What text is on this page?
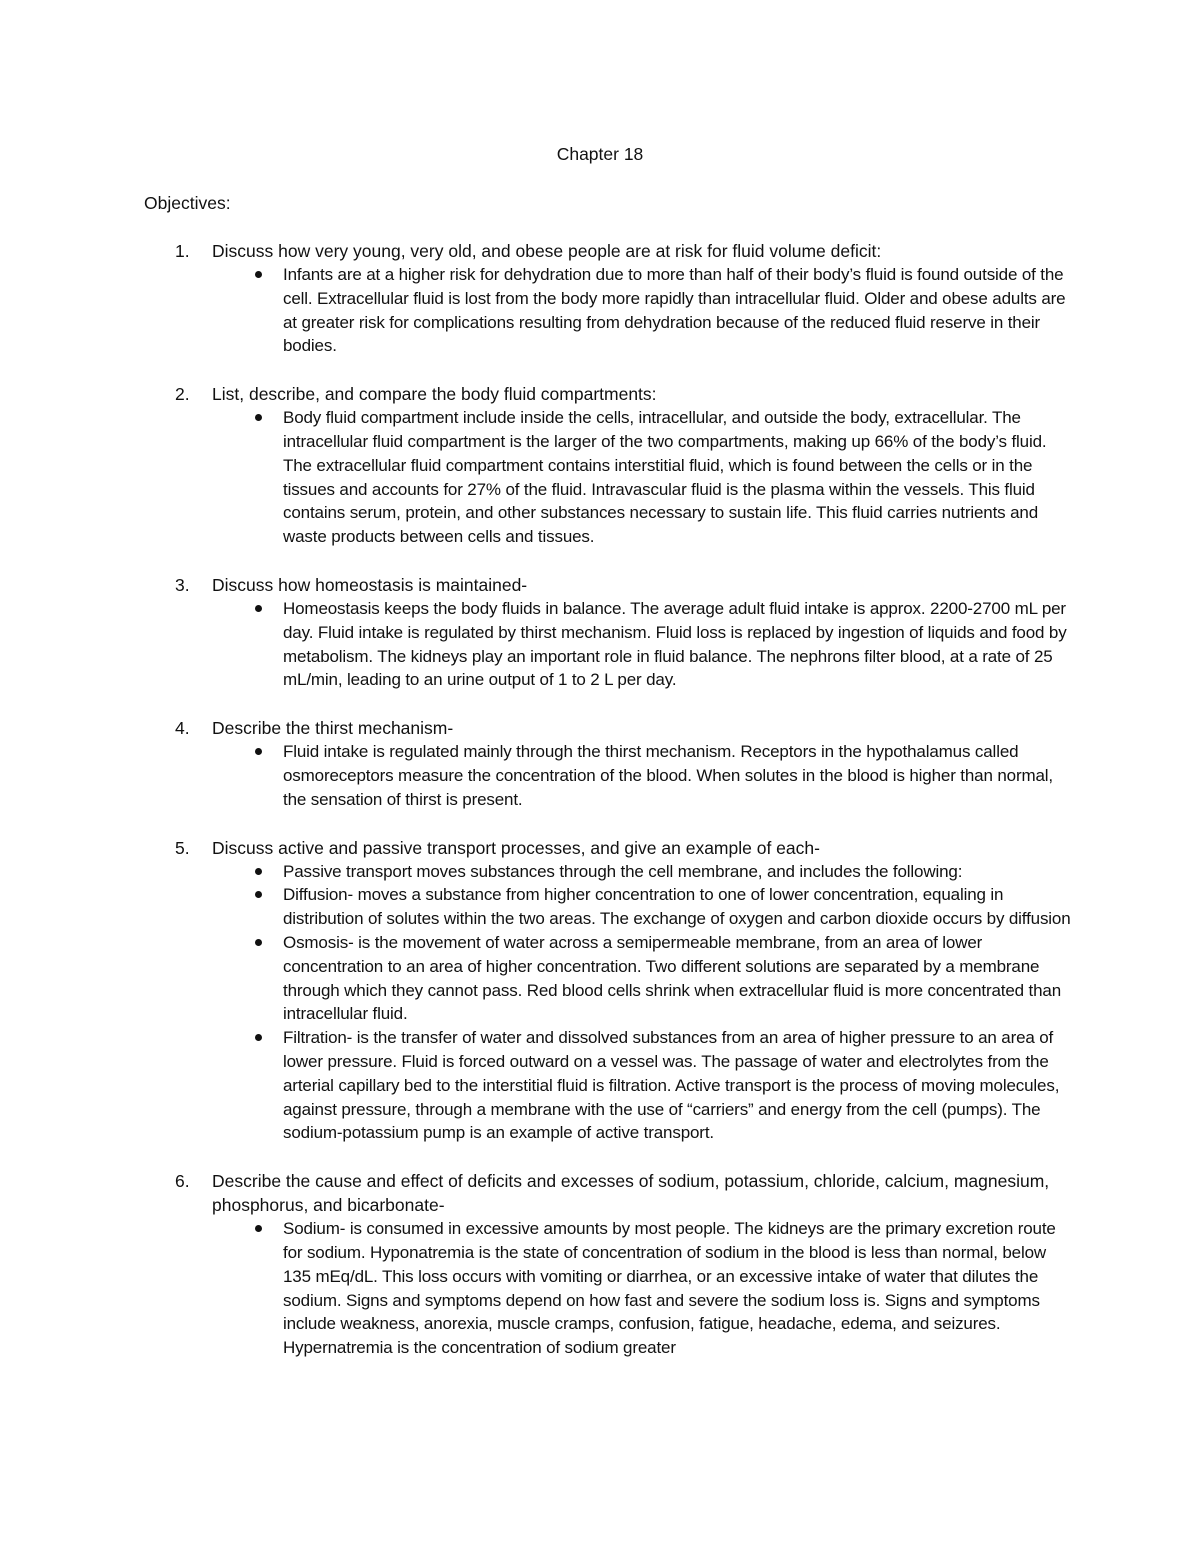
Chapter 18
Objectives:
1. Discuss how very young, very old, and obese people are at risk for fluid volume deficit:
Infants are at a higher risk for dehydration due to more than half of their body’s fluid is found outside of the cell. Extracellular fluid is lost from the body more rapidly than intracellular fluid. Older and obese adults are at greater risk for complications resulting from dehydration because of the reduced fluid reserve in their bodies.
2. List, describe, and compare the body fluid compartments:
Body fluid compartment include inside the cells, intracellular, and outside the body, extracellular. The intracellular fluid compartment is the larger of the two compartments, making up 66% of the body’s fluid. The extracellular fluid compartment contains interstitial fluid, which is found between the cells or in the tissues and accounts for 27% of the fluid. Intravascular fluid is the plasma within the vessels. This fluid contains serum, protein, and other substances necessary to sustain life. This fluid carries nutrients and waste products between cells and tissues.
3. Discuss how homeostasis is maintained-
Homeostasis keeps the body fluids in balance. The average adult fluid intake is approx. 2200-2700 mL per day. Fluid intake is regulated by thirst mechanism. Fluid loss is replaced by ingestion of liquids and food by metabolism. The kidneys play an important role in fluid balance. The nephrons filter blood, at a rate of 25 mL/min, leading to an urine output of 1 to 2 L per day.
4. Describe the thirst mechanism-
Fluid intake is regulated mainly through the thirst mechanism. Receptors in the hypothalamus called osmoreceptors measure the concentration of the blood. When solutes in the blood is higher than normal, the sensation of thirst is present.
5. Discuss active and passive transport processes, and give an example of each-
Passive transport moves substances through the cell membrane, and includes the following:
Diffusion- moves a substance from higher concentration to one of lower concentration, equaling in distribution of solutes within the two areas. The exchange of oxygen and carbon dioxide occurs by diffusion
Osmosis- is the movement of water across a semipermeable membrane, from an area of lower concentration to an area of higher concentration. Two different solutions are separated by a membrane through which they cannot pass. Red blood cells shrink when extracellular fluid is more concentrated than intracellular fluid.
Filtration- is the transfer of water and dissolved substances from an area of higher pressure to an area of lower pressure. Fluid is forced outward on a vessel was. The passage of water and electrolytes from the arterial capillary bed to the interstitial fluid is filtration. Active transport is the process of moving molecules, against pressure, through a membrane with the use of “carriers” and energy from the cell (pumps). The sodium-potassium pump is an example of active transport.
6. Describe the cause and effect of deficits and excesses of sodium, potassium, chloride, calcium, magnesium, phosphorus, and bicarbonate-
Sodium- is consumed in excessive amounts by most people. The kidneys are the primary excretion route for sodium. Hyponatremia is the state of concentration of sodium in the blood is less than normal, below 135 mEq/dL. This loss occurs with vomiting or diarrhea, or an excessive intake of water that dilutes the sodium. Signs and symptoms depend on how fast and severe the sodium loss is. Signs and symptoms include weakness, anorexia, muscle cramps, confusion, fatigue, headache, edema, and seizures. Hypernatremia is the concentration of sodium greater
